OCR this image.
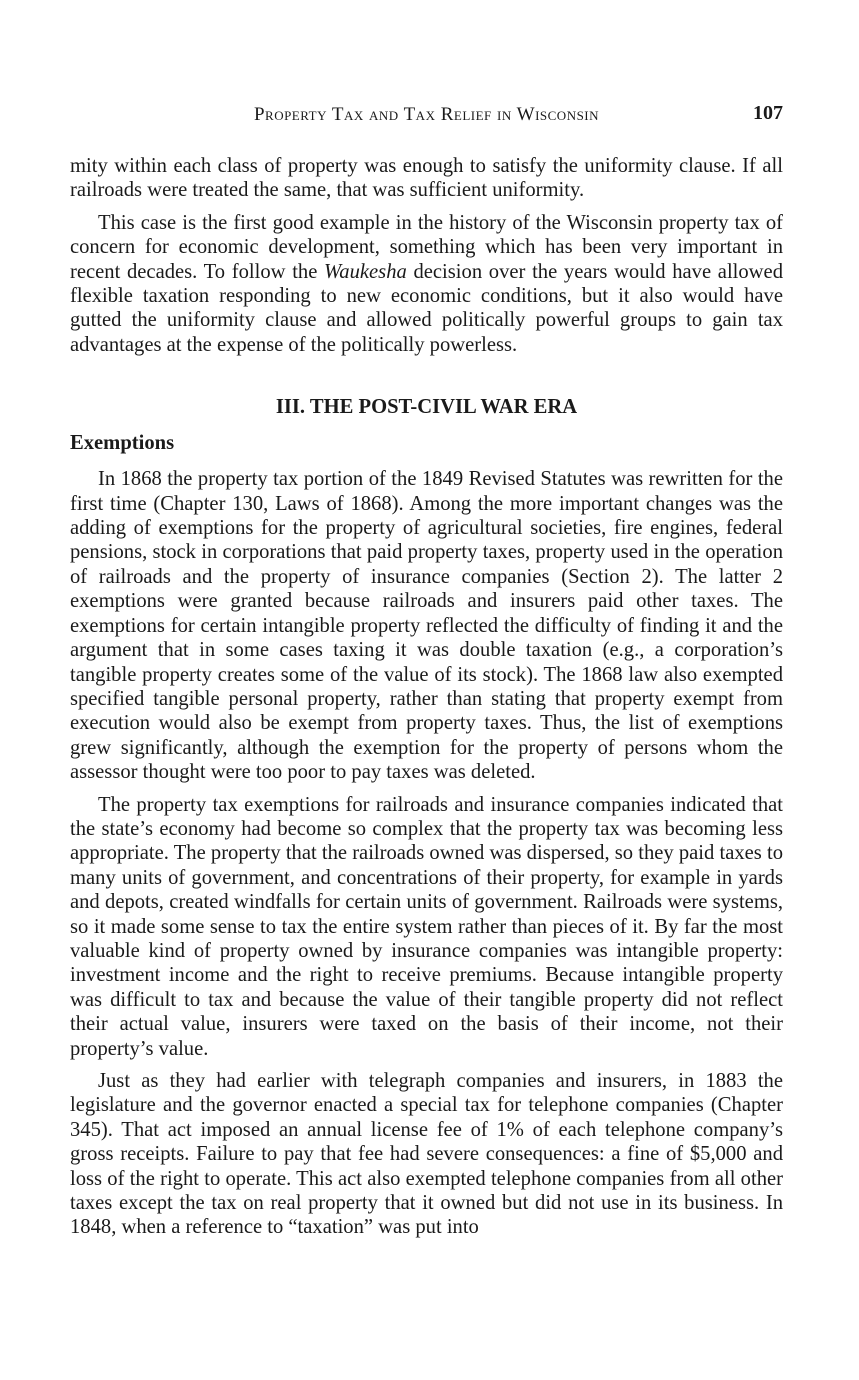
Property Tax and Tax Relief in Wisconsin	107

mity within each class of property was enough to satisfy the uniformity clause. If all railroads were treated the same, that was sufficient uniformity.

This case is the first good example in the history of the Wisconsin property tax of concern for economic development, something which has been very important in recent decades. To follow the Waukesha decision over the years would have allowed flexible taxation responding to new economic conditions, but it also would have gutted the uniformity clause and allowed politically powerful groups to gain tax advantages at the expense of the politically powerless.

III. THE POST-CIVIL WAR ERA
Exemptions

In 1868 the property tax portion of the 1849 Revised Statutes was rewritten for the first time (Chapter 130, Laws of 1868). Among the more important changes was the adding of exemptions for the property of agricultural societies, fire engines, federal pensions, stock in corporations that paid property taxes, property used in the operation of railroads and the property of insurance companies (Section 2). The latter 2 exemptions were granted because railroads and insurers paid other taxes. The exemptions for certain intangible property reflected the difficulty of finding it and the argument that in some cases taxing it was double taxation (e.g., a corporation’s tangible property creates some of the value of its stock). The 1868 law also exempted specified tangible personal property, rather than stating that property exempt from execution would also be exempt from property taxes. Thus, the list of exemptions grew significantly, although the exemption for the property of persons whom the assessor thought were too poor to pay taxes was deleted.

The property tax exemptions for railroads and insurance companies indicated that the state’s economy had become so complex that the property tax was becoming less appropriate. The property that the railroads owned was dispersed, so they paid taxes to many units of government, and concentrations of their property, for example in yards and depots, created windfalls for certain units of government. Railroads were systems, so it made some sense to tax the entire system rather than pieces of it. By far the most valuable kind of property owned by insurance companies was intangible property: investment income and the right to receive premiums. Because intangible property was difficult to tax and because the value of their tangible property did not reflect their actual value, insurers were taxed on the basis of their income, not their property’s value.

Just as they had earlier with telegraph companies and insurers, in 1883 the legislature and the governor enacted a special tax for telephone companies (Chapter 345). That act imposed an annual license fee of 1% of each telephone company’s gross receipts. Failure to pay that fee had severe consequences: a fine of $5,000 and loss of the right to operate. This act also exempted telephone companies from all other taxes except the tax on real property that it owned but did not use in its business. In 1848, when a reference to “taxation” was put into
